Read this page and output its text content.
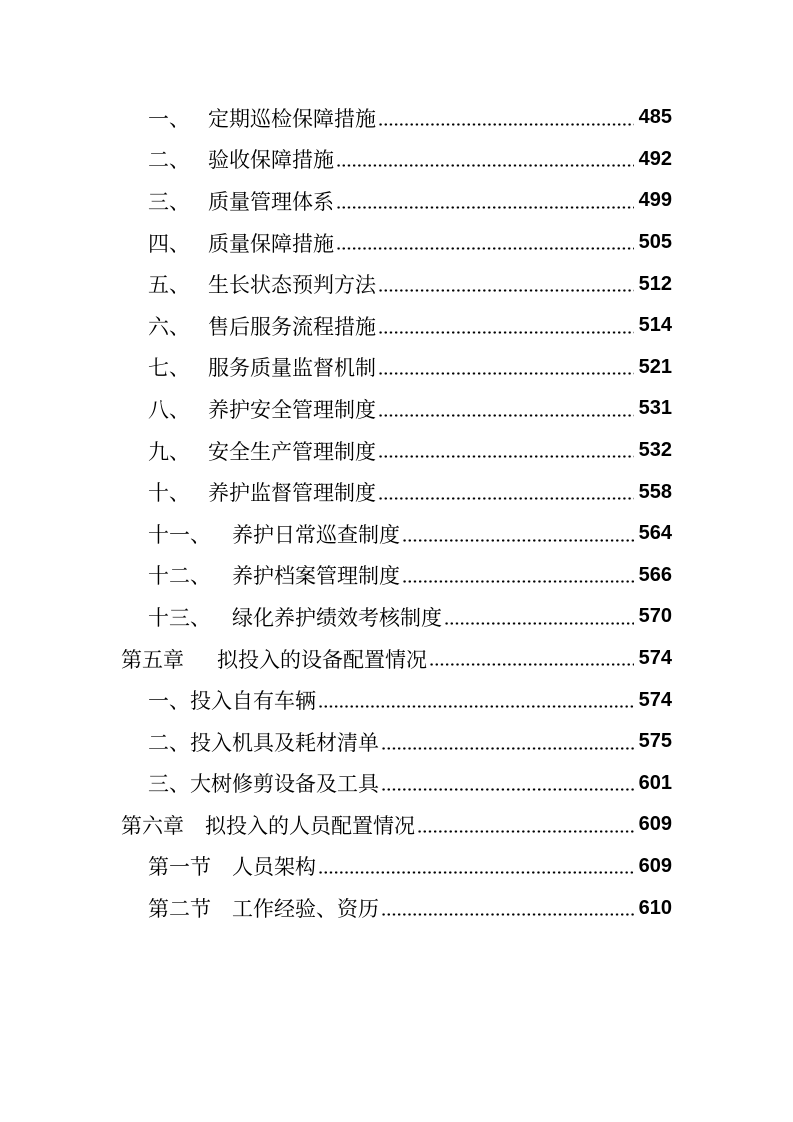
一、 定期巡检保障措施	485
二、 验收保障措施	492
三、 质量管理体系	499
四、 质量保障措施	505
五、 生长状态预判方法	512
六、 售后服务流程措施	514
七、 服务质量监督机制	521
八、 养护安全管理制度	531
九、 安全生产管理制度	532
十、 养护监督管理制度	558
十一、	养护日常巡查制度	564
十二、	养护档案管理制度	566
十三、	绿化养护绩效考核制度	570
第五章	拟投入的设备配置情况	574
一、投入自有车辆	574
二、投入机具及耗材清单	575
三、大树修剪设备及工具	601
第六章	拟投入的人员配置情况	609
第一节	人员架构	609
第二节	工作经验、资历	610
